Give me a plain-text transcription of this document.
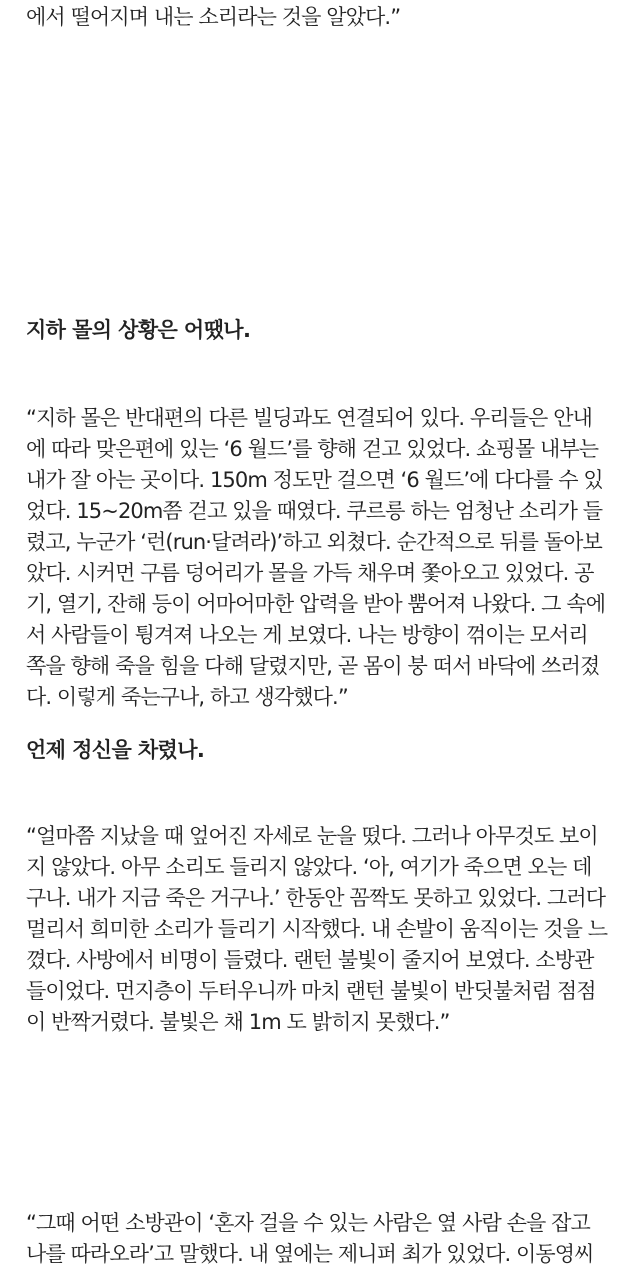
에서 떨어지며 내는 소리라는 것을 알았다.”
지하 몰의 상황은 어땠나.
“지하 몰은 반대편의 다른 빌딩과도 연결되어 있다. 우리들은 안내
에 따라 맞은편에 있는 ‘6 월드’를 향해 걷고 있었다. 쇼핑몰 내부는
내가 잘 아는 곳이다. 150m 정도만 걸으면 ‘6 월드’에 다다를 수 있
었다. 15~20m쯤 걷고 있을 때였다. 쿠르릉 하는 엄청난 소리가 들
렸고, 누군가 ‘런(run·달려라)’하고 외쳤다. 순간적으로 뒤를 돌아보
았다. 시커먼 구름 덩어리가 몰을 가득 채우며 쫓아오고 있었다. 공
기, 열기, 잔해 등이 어마어마한 압력을 받아 뿜어져 나왔다. 그 속에
서 사람들이 튕겨져 나오는 게 보였다. 나는 방향이 꺾이는 모서리
쪽을 향해 죽을 힘을 다해 달렸지만, 곧 몸이 붕 떠서 바닥에 쓰러졌
다. 이렇게 죽는구나, 하고 생각했다.”
언제 정신을 차렸나.
“얼마쯤 지났을 때 엎어진 자세로 눈을 떴다. 그러나 아무것도 보이
지 않았다. 아무 소리도 들리지 않았다. ‘아, 여기가 죽으면 오는 데
구나. 내가 지금 죽은 거구나.’ 한동안 꼼짝도 못하고 있었다. 그러다
멀리서 희미한 소리가 들리기 시작했다. 내 손발이 움직이는 것을 느
꼈다. 사방에서 비명이 들렸다. 랜턴 불빛이 줄지어 보였다. 소방관
들이었다. 먼지층이 두터우니까 마치 랜턴 불빛이 반딧불처럼 점점
이 반짝거렸다. 불빛은 채 1m 도 밝히지 못했다.”
“그때 어떤 소방관이 ‘혼자 걸을 수 있는 사람은 옆 사람 손을 잡고
나를 따라오라’고 말했다. 내 옆에는 제니퍼 최가 있었다. 이동영씨
